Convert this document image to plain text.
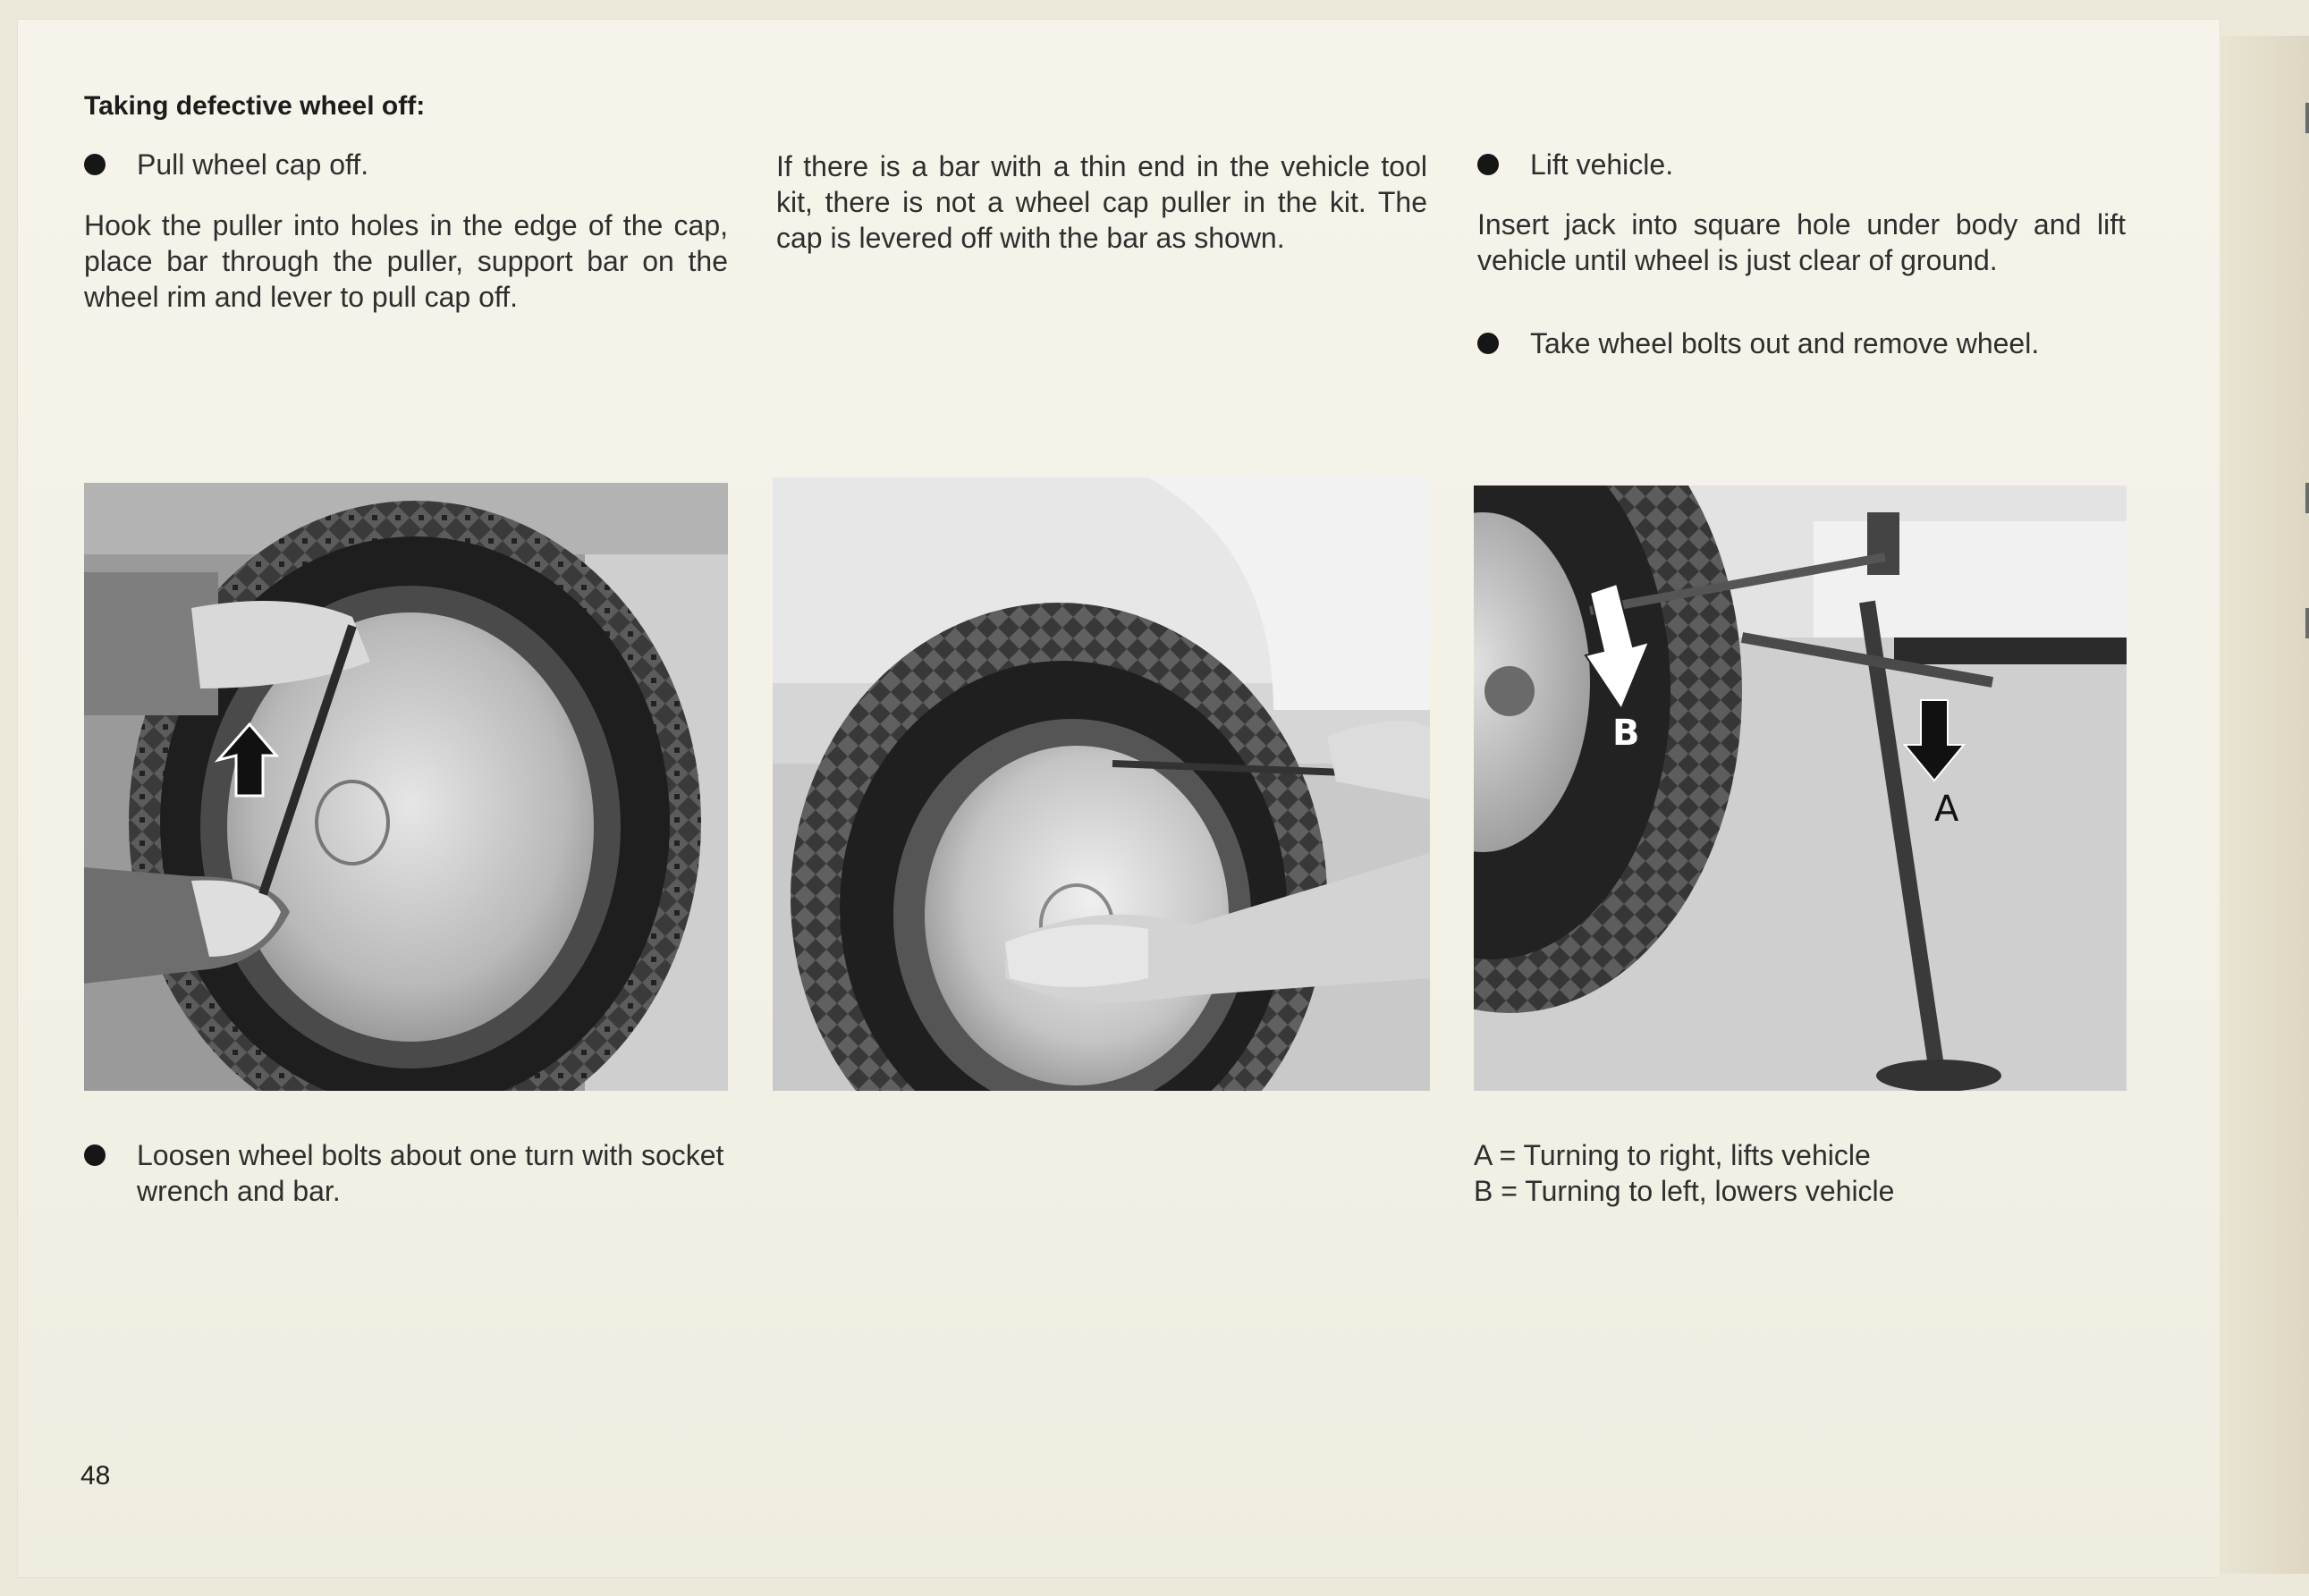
Taking defective wheel off:
Pull wheel cap off.
Hook the puller into holes in the edge of the cap, place bar through the puller, support bar on the wheel rim and lever to pull cap off.
If there is a bar with a thin end in the vehicle tool kit, there is not a wheel cap puller in the kit. The cap is levered off with the bar as shown.
Lift vehicle.
Insert jack into square hole under body and lift vehicle until wheel is just clear of ground.
Take wheel bolts out and remove wheel.
B
A
Loosen wheel bolts about one turn with socket wrench and bar.
A = Turning to right, lifts vehicle
B = Turning to left, lowers vehicle
48
